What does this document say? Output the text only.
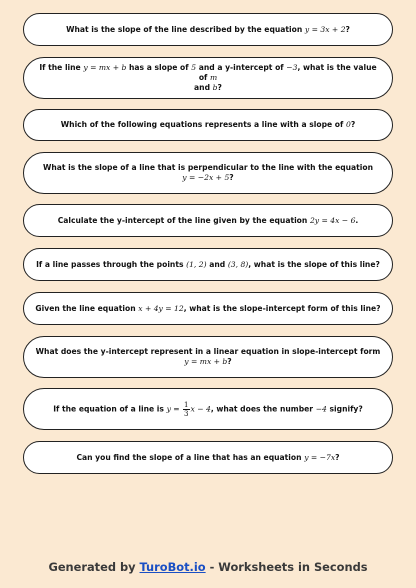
What is the slope of the line described by the equation y = 3x + 2?
If the line y = mx + b has a slope of 5 and a y-intercept of −3, what is the value of m
and b?
Which of the following equations represents a line with a slope of 0?
What is the slope of a line that is perpendicular to the line with the equation
y = −2x + 5?
Calculate the y-intercept of the line given by the equation 2y = 4x − 6.
If a line passes through the points (1, 2) and (3, 8), what is the slope of this line?
Given the line equation x + 4y = 12, what is the slope-intercept form of this line?
What does the y-intercept represent in a linear equation in slope-intercept form
y = mx + b?
If the equation of a line is $y = \frac{1}{3}$ x − 4, what does the number −4 signify?
Can you find the slope of a line that has an equation y = −7x?
Generated by TuroBot.io - Worksheets in Seconds
